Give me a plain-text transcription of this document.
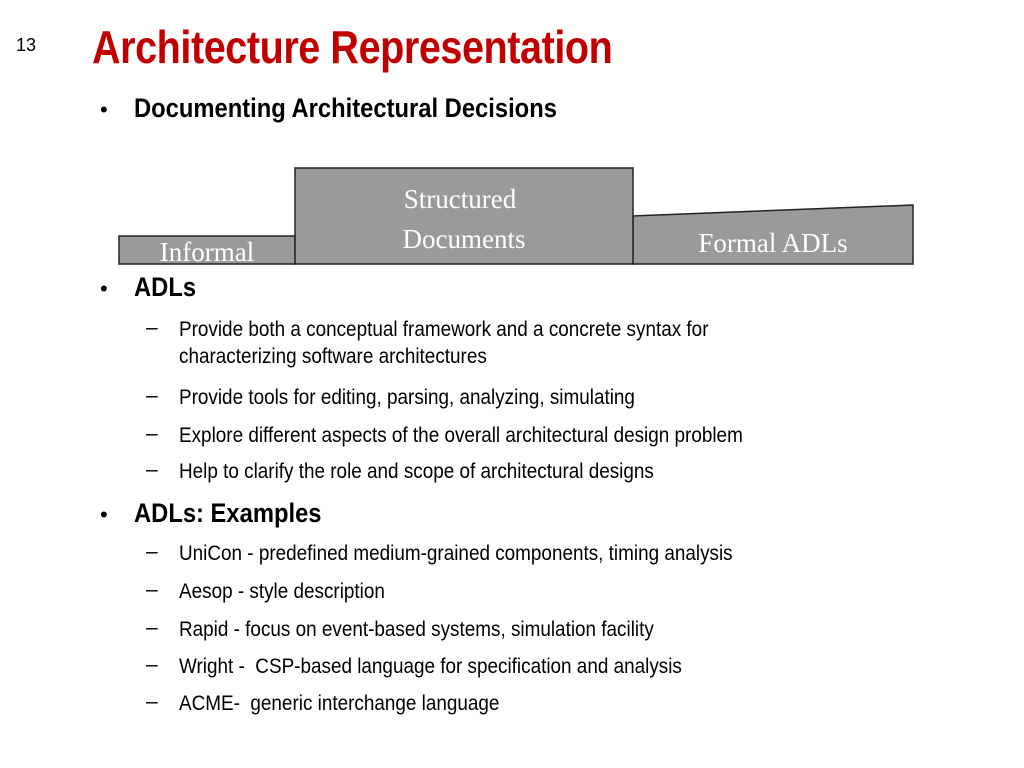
13 Architecture Representation
• Documenting Architectural Decisions
Informal
Structured
Documents	Formal ADLs
• ADLs
–	Provide both a conceptual framework and a concrete syntax for
characterizing software architectures
–	Provide tools for editing, parsing, analyzing, simulating
–	Explore different aspects of the overall architectural design problem
–	Help to clarify the role and scope of architectural designs
• ADLs: Examples
–	UniCon - predefined medium-grained components, timing analysis
–	Aesop - style description
–	Rapid - focus on event-based systems, simulation facility
–	Wright -  CSP-based language for specification and analysis
–	ACME-  generic interchange language
